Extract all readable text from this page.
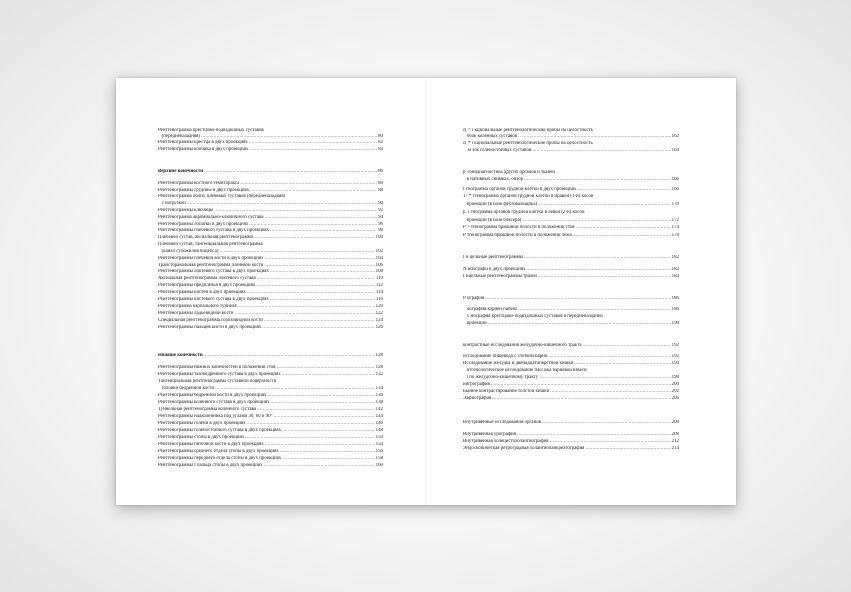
Рентгенограмма крестцово-подвздошных суставов
(передненазадняя) .....	80
Рентгенограммы крестца в двух проекциях .....	82
Рентгенограммы копчика в двух проекциях .....	84
Верхние конечности .....	86
Рентгенограммы костного гемиторакса .....	86
Рентгенограммы грудины в двух проекциях .....	88
Рентгенограмма обоих плечевых суставов (передненазадняя)
с нагрузкой .....	90
Рентгенограммы ключицы .....	92
Рентгенограмма акромиально-ключичного сустава .....	94
Рентгенограммы лопатки в двух проекциях .....	96
Рентгенограммы плечевого сустава в двух проекциях .....	98
Плечевой сустав, аксиальная рентгенограмма .....	100
Плечевой сустав, тангенциальная рентгенограмма
(канал сухожилия бицепса) .....	102
Рентгенограммы плечевой кости в двух проекциях .....	104
Трансторакальная рентгенограмма плечевой кости .....	106
Рентгенограммы локтевого сустава в двух проекциях .....	108
Аксиальная рентгенограмма локтевого сустава .....	110
Рентгенограммы предплечья в двух проекциях .....	112
Рентгенограммы кистей в двух проекциях .....	114
Рентгенограммы кистевого сустава в двух проекциях .....	116
Рентгенограмма карпального туннеля .....	120
Рентгенограммы ладьевидной кости .....	122
Специальная рентгенограмма гороховидной кости .....	124
Рентгенограммы пальцев кисти в двух проекциях .....	126
Нижние конечности .....	128
Рентгенограммы нижних конечностей в положении стоя .....	128
Рентгенограммы тазобедренного сустава в двух проекциях .....	132
Тангенциальная рентгенограмма суставной поверхности
головки бедренной кости .....	134
Рентгенограммы бедренной кости в двух проекциях .....	136
Рентгенограммы коленного сустава в двух проекциях .....	138
Туннельная рентгенограмма коленного сустава .....	142
Рентгенограммы надколенника под углами 30, 60 и 90° .....	144
Рентгенограммы голени в двух проекциях .....	146
Рентгенограммы голеностопного сустава в двух проекциях .....	148
Рентгенограммы стопы в двух проекциях .....	150
Рентгенограммы пяточной кости в двух проекциях .....	154
Рентгенограммы среднего отдела стопы в двух проекциях .....	156
Рентгенограммы переднего отдела стопы в двух проекциях .....	158
Рентгенограммы I пальца стопы в двух проекциях .....	160
с( > і кциональные рентгенологические пробы на целостность
ччок коленных суставов .....	162
с( * і кциональные рентгенологические пробы на целостность
.м зок голеностопных суставов .....	164
р' гонодиагностика других органов и тканей
в нативных снимках, обзор .....	166
I гнограмма органов грудной клетки в двух проекциях .....	166
1\' * тгенограмма органов грудной клетки в правой (1-й) косой
проекции (в позе фехтовальщика) .....	170
р. і гнограмма органов грудной клетки в левой (2-й) косой
проекции (в позе боксера) .....	172
Р > тгенограмма брюшной полости в положении стоя .....	174
Р тгенограмма брюшной полости в положении лежа .....	178
I н цельные рентгенограммы .....	182
N ипографи в двух проекциях .....	182
I ицельные рентгенограммы трахеи .....	184
Р играфия .....	186
чография корней папеях .....	186
х мография крестцово-подвздошных суставов в передненазадней
проекции .....	190
контрастные исследования желудочно-кишечного тракта .....	192
исследование пищевода с глотком бария .....	192
Исследование желудка и двенадцатиперстной кишки .....	194
нтгенологическое исследование пассажа бариевой взвеси
і по желудочно-кишечному тракту .....	198
ингрография .....	200
Бьйное контрастирование толстой кишки .....	202
Эафиография .....	206
Внутривенные исследования органов .....	208
Внутривенная урография .....	208
Внутривенная холецистохолангиография .....	212
Эндоскопическая ретроградная холангиопанкреатография .....	214
